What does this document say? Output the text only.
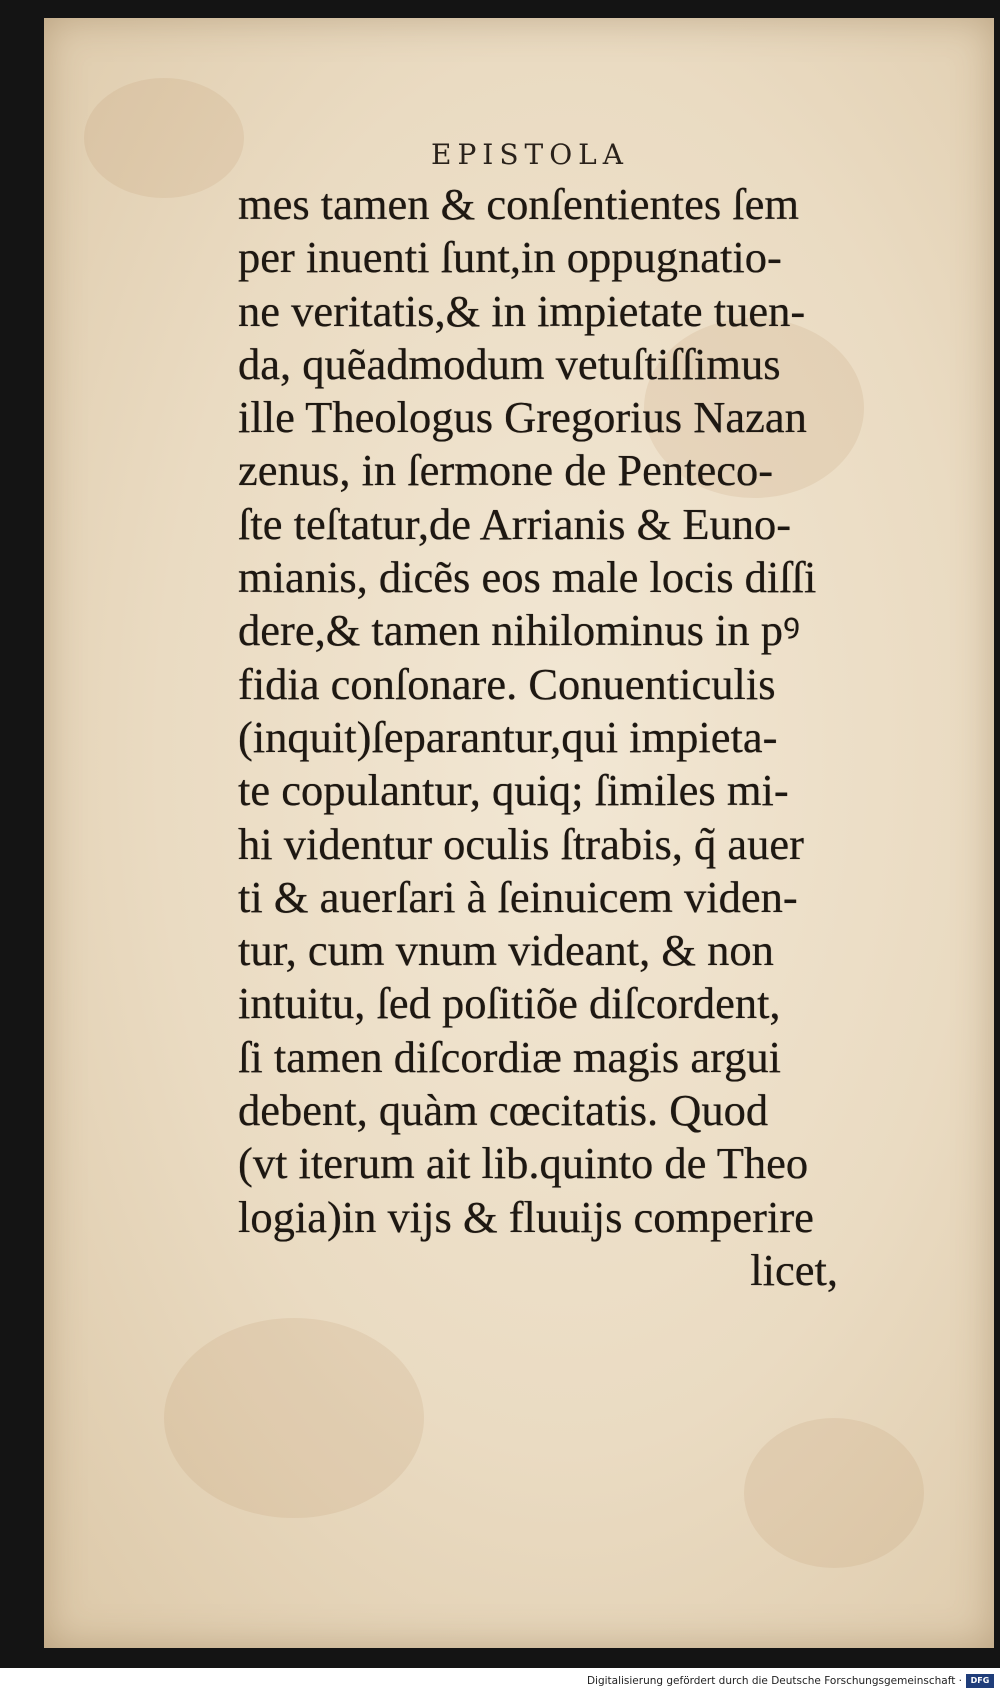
EPISTOLA
mes tamen & conſentientes ſem
per inuenti ſunt,in oppugnatio-
ne veritatis,& in impietate tuen-
da, quẽadmodum vetuſtiſſimus
ille Theologus Gregorius Nazan
zenus, in ſermone de Penteco-
ſte teſtatur,de Arrianis & Euno-
mianis, dicẽs eos male locis diſſi
dere,& tamen nihilominus in pꝰ
fidia conſonare. Conuenticulis
(inquit)ſeparantur,qui impieta-
te copulantur, quiq; ſimiles mi-
hi videntur oculis ſtrabis, q̃ auer
ti & auerſari à ſeinuicem viden-
tur, cum vnum videant, & non
intuitu, ſed poſitiõe diſcordent,
ſi tamen diſcordiæ magis argui
debent, quàm cœcitatis. Quod
(vt iterum ait lib.quinto de Theo
logia)in vijs & fluuijs comperire
licet,
Digitalisierung gefördert durch die Deutsche Forschungsgemeinschaft ·	DFG
